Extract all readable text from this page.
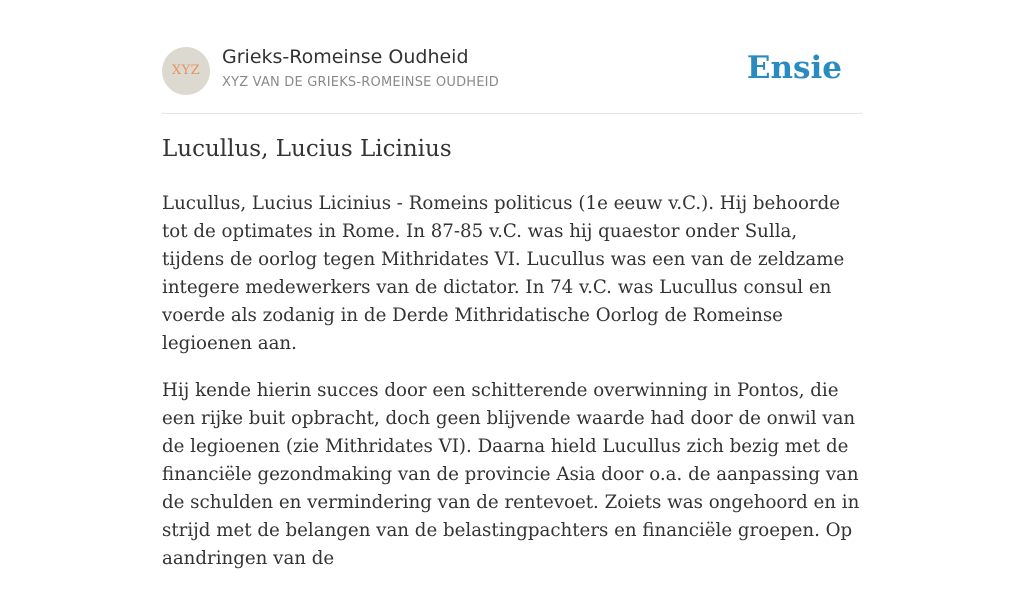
XYZ
Grieks-Romeinse Oudheid
XYZ VAN DE GRIEKS-ROMEINSE OUDHEID	Ensie
Lucullus, Lucius Licinius

Lucullus, Lucius Licinius - Romeins politicus (1e eeuw v.C.). Hij behoorde tot de optimates in Rome. In 87-85 v.C. was hij quaestor onder Sulla, tijdens de oorlog tegen Mithridates VI. Lucullus was een van de zeldzame integere medewerkers van de dictator. In 74 v.C. was Lucullus consul en voerde als zodanig in de Derde Mithridatische Oorlog de Romeinse legioenen aan.

Hij kende hierin succes door een schitterende overwinning in Pontos, die een rijke buit opbracht, doch geen blijvende waarde had door de onwil van de legioenen (zie Mithridates VI). Daarna hield Lucullus zich bezig met de financiële gezondmaking van de provincie Asia door o.a. de aanpassing van de schulden en vermindering van de rentevoet. Zoiets was ongehoord en in strijd met de belangen van de belastingpachters en financiële groepen. Op aandringen van de
